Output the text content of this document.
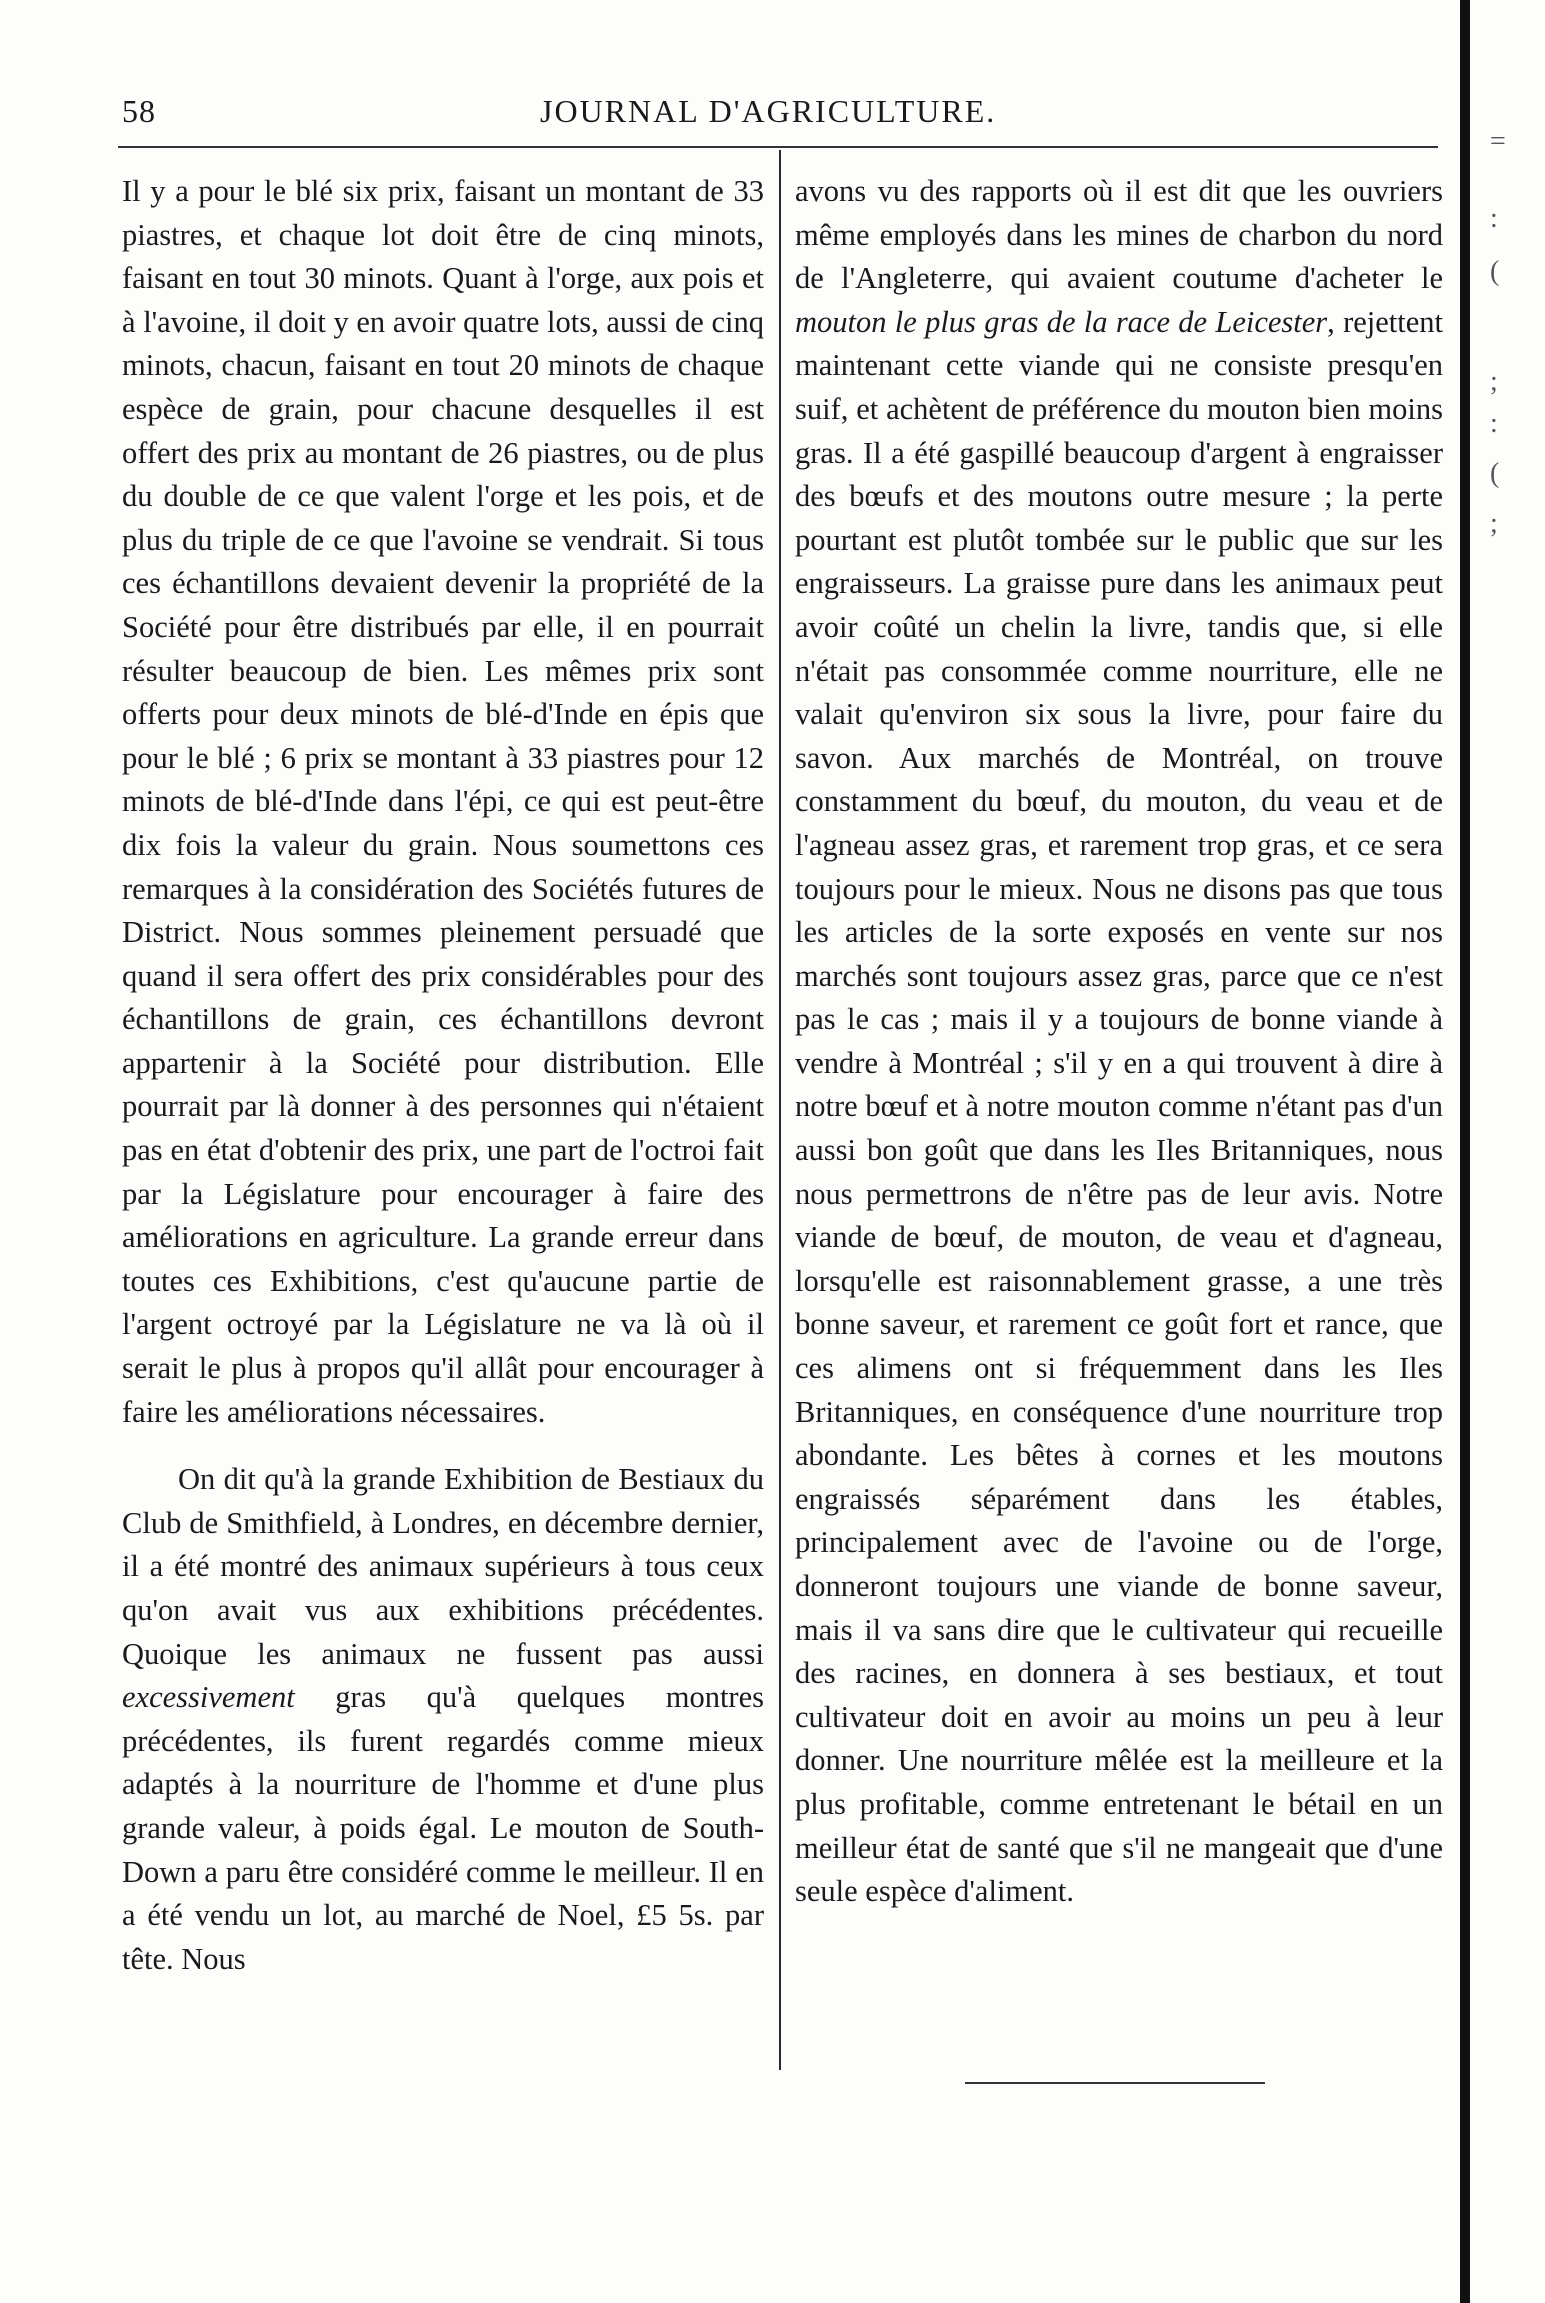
58	JOURNAL D'AGRICULTURE.

Il y a pour le blé six prix, faisant un montant de 33 piastres, et chaque lot doit être de cinq minots, faisant en tout 30 minots. Quant à l'orge, aux pois et à l'avoine, il doit y en avoir quatre lots, aussi de cinq minots, chacun, faisant en tout 20 minots de chaque espèce de grain, pour chacune desquelles il est offert des prix au montant de 26 piastres, ou de plus du double de ce que valent l'orge et les pois, et de plus du triple de ce que l'avoine se vendrait. Si tous ces échantillons devaient devenir la propriété de la Société pour être distribués par elle, il en pourrait résulter beaucoup de bien. Les mêmes prix sont offerts pour deux minots de blé-d'Inde en épis que pour le blé ; 6 prix se montant à 33 piastres pour 12 minots de blé-d'Inde dans l'épi, ce qui est peut-être dix fois la valeur du grain. Nous soumettons ces remarques à la considération des Sociétés futures de District. Nous sommes pleinement persuadé que quand il sera offert des prix considérables pour des échantillons de grain, ces échantillons devront appartenir à la Société pour distribution. Elle pourrait par là donner à des personnes qui n'étaient pas en état d'obtenir des prix, une part de l'octroi fait par la Législature pour encourager à faire des améliorations en agriculture. La grande erreur dans toutes ces Exhibitions, c'est qu'aucune partie de l'argent octroyé par la Législature ne va là où il serait le plus à propos qu'il allât pour encourager à faire les améliorations nécessaires.

On dit qu'à la grande Exhibition de Bestiaux du Club de Smithfield, à Londres, en décembre dernier, il a été montré des animaux supérieurs à tous ceux qu'on avait vus aux exhibitions précédentes. Quoique les animaux ne fussent pas aussi excessivement gras qu'à quelques montres précédentes, ils furent regardés comme mieux adaptés à la nourriture de l'homme et d'une plus grande valeur, à poids égal. Le mouton de South-Down a paru être considéré comme le meilleur. Il en a été vendu un lot, au marché de Noel, £5 5s. par tête. Nous

avons vu des rapports où il est dit que les ouvriers même employés dans les mines de charbon du nord de l'Angleterre, qui avaient coutume d'acheter le mouton le plus gras de la race de Leicester, rejettent maintenant cette viande qui ne consiste presqu'en suif, et achètent de préférence du mouton bien moins gras. Il a été gaspillé beaucoup d'argent à engraisser des bœufs et des moutons outre mesure ; la perte pourtant est plutôt tombée sur le public que sur les engraisseurs. La graisse pure dans les animaux peut avoir coûté un chelin la livre, tandis que, si elle n'était pas consommée comme nourriture, elle ne valait qu'environ six sous la livre, pour faire du savon. Aux marchés de Montréal, on trouve constamment du bœuf, du mouton, du veau et de l'agneau assez gras, et rarement trop gras, et ce sera toujours pour le mieux. Nous ne disons pas que tous les articles de la sorte exposés en vente sur nos marchés sont toujours assez gras, parce que ce n'est pas le cas ; mais il y a toujours de bonne viande à vendre à Montréal ; s'il y en a qui trouvent à dire à notre bœuf et à notre mouton comme n'étant pas d'un aussi bon goût que dans les Iles Britanniques, nous nous permettrons de n'être pas de leur avis. Notre viande de bœuf, de mouton, de veau et d'agneau, lorsqu'elle est raisonnablement grasse, a une très bonne saveur, et rarement ce goût fort et rance, que ces alimens ont si fréquemment dans les Iles Britanniques, en conséquence d'une nourriture trop abondante. Les bêtes à cornes et les moutons engraissés séparément dans les étables, principalement avec de l'avoine ou de l'orge, donneront toujours une viande de bonne saveur, mais il va sans dire que le cultivateur qui recueille des racines, en donnera à ses bestiaux, et tout cultivateur doit en avoir au moins un peu à leur donner. Une nourriture mêlée est la meilleure et la plus profitable, comme entretenant le bétail en un meilleur état de santé que s'il ne mangeait que d'une seule espèce d'aliment.

=
:
(
;
:
(
;
